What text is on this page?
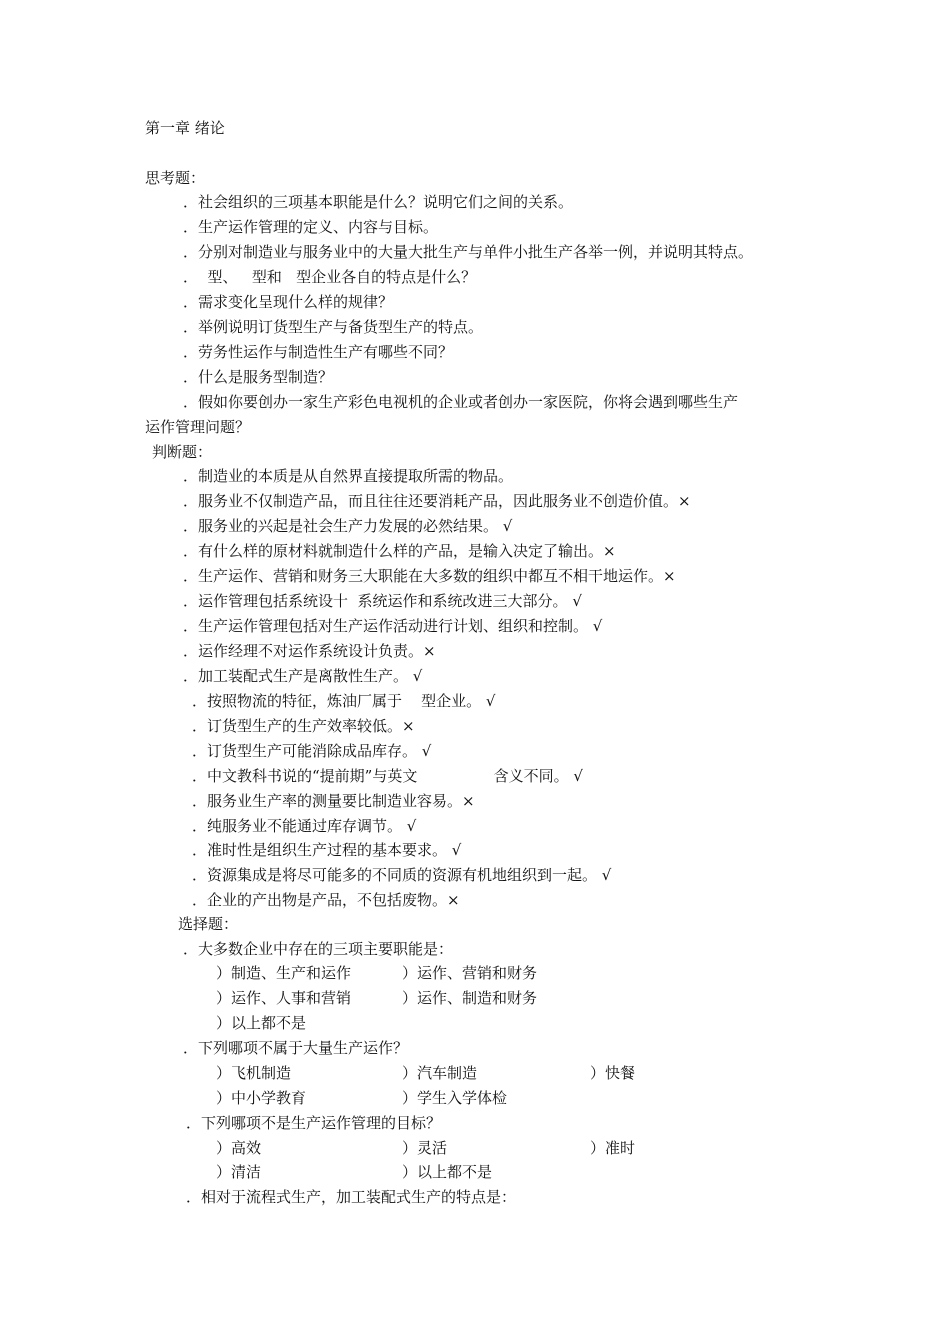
第一章 绪论
思考题：
．社会组织的三项基本职能是什么？说明它们之间的关系。
．生产运作管理的定义、内容与目标。
．分别对制造业与服务业中的大量大批生产与单件小批生产各举一例，并说明其特点。
．  型、   型和   型企业各自的特点是什么？
．需求变化呈现什么样的规律？
．举例说明订货型生产与备货型生产的特点。
．劳务性运作与制造性生产有哪些不同？
．什么是服务型制造？
．假如你要创办一家生产彩色电视机的企业或者创办一家医院，你将会遇到哪些生产
运作管理问题？
判断题：
．制造业的本质是从自然界直接提取所需的物品。
．服务业不仅制造产品，而且往往还要消耗产品，因此服务业不创造价值。×
．服务业的兴起是社会生产力发展的必然结果。 √
．有什么样的原材料就制造什么样的产品，是输入决定了输出。×
．生产运作、营销和财务三大职能在大多数的组织中都互不相干地运作。×
．运作管理包括系统设十  系统运作和系统改进三大部分。 √
．生产运作管理包括对生产运作活动进行计划、组织和控制。 √
．运作经理不对运作系统设计负责。×
．加工装配式生产是离散性生产。 √
．按照物流的特征，炼油厂属于    型企业。 √
．订货型生产的生产效率较低。×
．订货型生产可能消除成品库存。 √
．中文教科书说的“提前期”与英文                含义不同。 √
．服务业生产率的测量要比制造业容易。×
．纯服务业不能通过库存调节。 √
．准时性是组织生产过程的基本要求。 √
．资源集成是将尽可能多的不同质的资源有机地组织到一起。 √
．企业的产出物是产品，不包括废物。×
选择题：
．大多数企业中存在的三项主要职能是：
）制造、生产和运作	）运作、营销和财务
）运作、人事和营销	）运作、制造和财务
）以上都不是
．下列哪项不属于大量生产运作？
）飞机制造	）汽车制造	）快餐
）中小学教育	）学生入学体检
．下列哪项不是生产运作管理的目标？
）高效	）灵活	）准时
）清洁	）以上都不是
．相对于流程式生产，加工装配式生产的特点是：
